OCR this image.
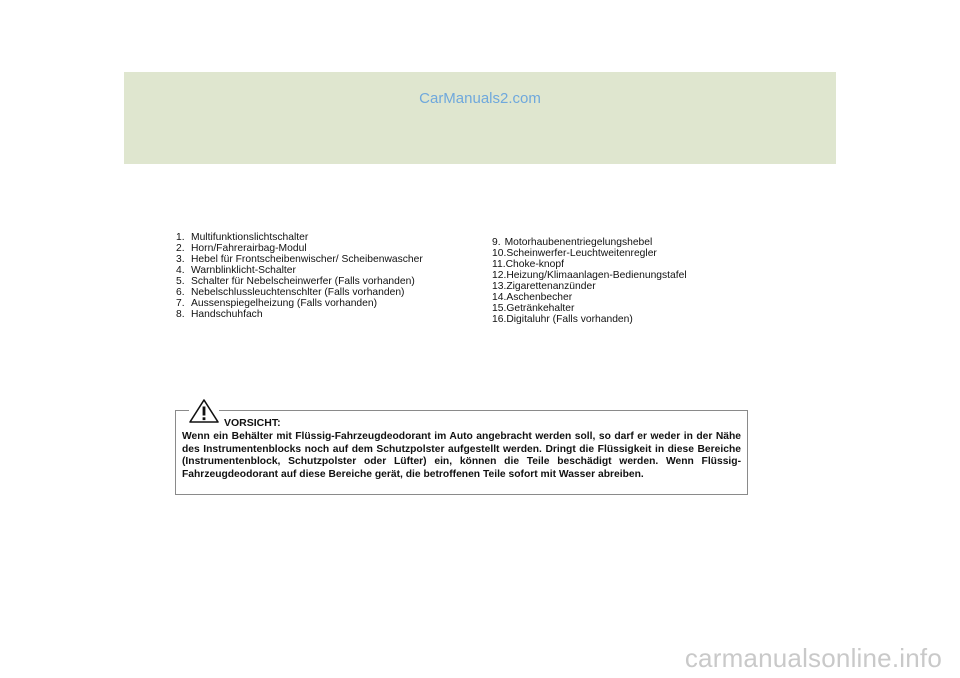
CarManuals2.com
1. Multifunktionslichtschalter
2. Horn/Fahrerairbag-Modul
3. Hebel für Frontscheibenwischer/ Scheibenwascher
4. Warnblinklicht-Schalter
5. Schalter für Nebelscheinwerfer (Falls vorhanden)
6. Nebelschlussleuchtenschlter (Falls vorhanden)
7. Aussenspiegelheizung (Falls vorhanden)
8. Handschuhfach
9. Motorhaubenentriegelungshebel
10.Scheinwerfer-Leuchtweitenregler
11.Choke-knopf
12.Heizung/Klimaanlagen-Bedienungstafel
13.Zigarettenanzünder
14.Aschenbecher
15.Getränkehalter
16.Digitaluhr (Falls vorhanden)
VORSICHT:
Wenn ein Behälter mit Flüssig-Fahrzeugdeodorant im Auto angebracht werden soll, so darf er weder in der Nähe des Instrumentenblocks noch auf dem Schutzpolster aufgestellt werden. Dringt die Flüssigkeit in diese Bereiche (Instrumentenblock, Schutzpolster oder Lüfter) ein, können die Teile beschädigt werden. Wenn Flüssig-Fahrzeugdeodorant auf diese Bereiche gerät, die betroffenen Teile sofort mit Wasser abreiben.
carmanualsonline.info
